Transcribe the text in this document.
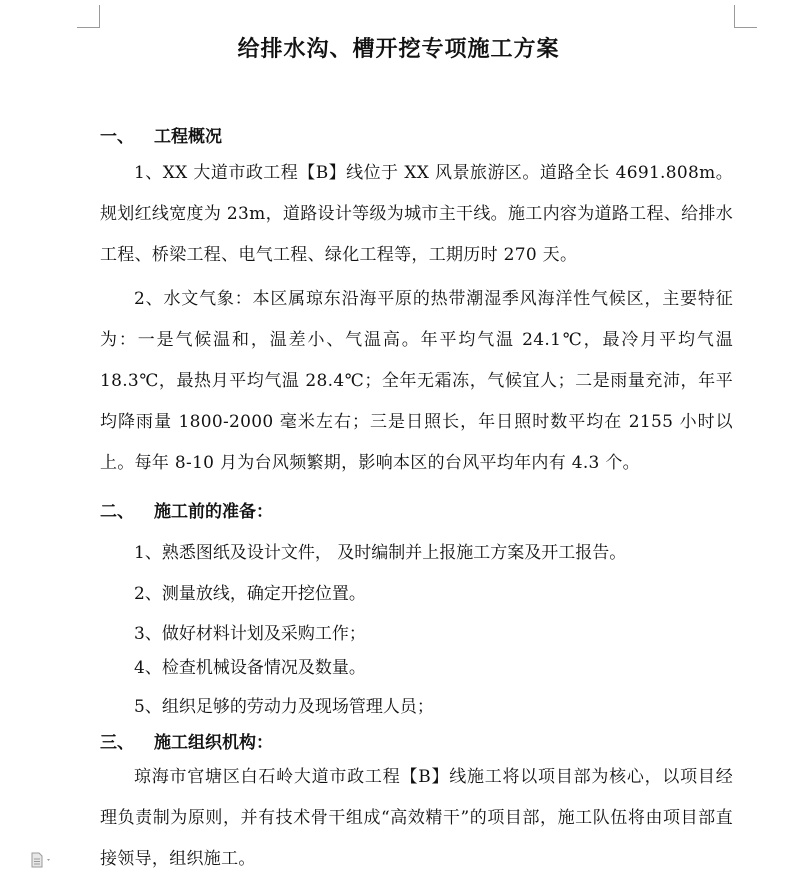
给排水沟、槽开挖专项施工方案
一、 工程概况

1、XX 大道市政工程【B】线位于 XX 风景旅游区。道路全长 4691.808m。规划红线宽度为 23m，道路设计等级为城市主干线。施工内容为道路工程、给排水工程、桥梁工程、电气工程、绿化工程等，工期历时 270 天。

2、水文气象：本区属琼东沿海平原的热带潮湿季风海洋性气候区，主要特征为：一是气候温和，温差小、气温高。年平均气温 24.1℃，最冷月平均气温 18.3℃，最热月平均气温 28.4℃；全年无霜冻，气候宜人；二是雨量充沛，年平均降雨量 1800-2000 毫米左右；三是日照长，年日照时数平均在 2155 小时以上。每年 8-10 月为台风频繁期，影响本区的台风平均年内有 4.3 个。

二、 施工前的准备：

1、熟悉图纸及设计文件， 及时编制并上报施工方案及开工报告。

2、测量放线，确定开挖位置。

3、做好材料计划及采购工作；

4、检查机械设备情况及数量。

5、组织足够的劳动力及现场管理人员；

三、 施工组织机构：

琼海市官塘区白石岭大道市政工程【B】线施工将以项目部为核心，以项目经理负责制为原则，并有技术骨干组成“高效精干”的项目部，施工队伍将由项目部直接领导，组织施工。
